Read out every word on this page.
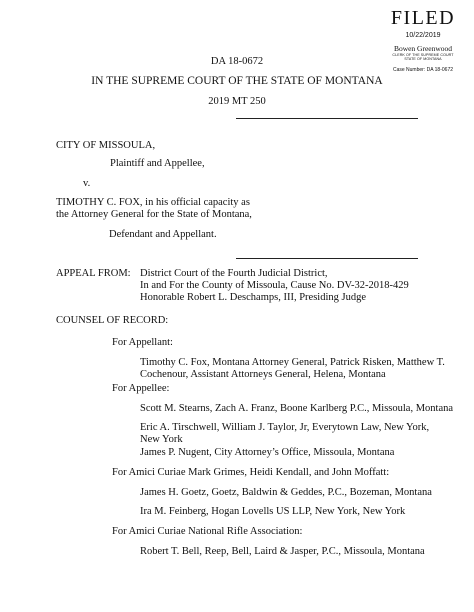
FILED
10/22/2019
Bowen Greenwood
CLERK OF THE SUPREME COURT
STATE OF MONTANA
Case Number: DA 18-0672
DA 18-0672
IN THE SUPREME COURT OF THE STATE OF MONTANA
2019 MT 250
CITY OF MISSOULA,
Plaintiff and Appellee,
v.
TIMOTHY C. FOX, in his official capacity as
the Attorney General for the State of Montana,
Defendant and Appellant.
APPEAL FROM: District Court of the Fourth Judicial District,
In and For the County of Missoula, Cause No. DV-32-2018-429
Honorable Robert L. Deschamps, III, Presiding Judge
COUNSEL OF RECORD:
For Appellant:
Timothy C. Fox, Montana Attorney General, Patrick Risken, Matthew T.
Cochenour, Assistant Attorneys General, Helena, Montana
For Appellee:
Scott M. Stearns, Zach A. Franz, Boone Karlberg P.C., Missoula, Montana
Eric A. Tirschwell, William J. Taylor, Jr, Everytown Law, New York,
New York
James P. Nugent, City Attorney’s Office, Missoula, Montana
For Amici Curiae Mark Grimes, Heidi Kendall, and John Moffatt:
James H. Goetz, Goetz, Baldwin & Geddes, P.C., Bozeman, Montana
Ira M. Feinberg, Hogan Lovells US LLP, New York, New York
For Amici Curiae National Rifle Association:
Robert T. Bell, Reep, Bell, Laird & Jasper, P.C., Missoula, Montana
